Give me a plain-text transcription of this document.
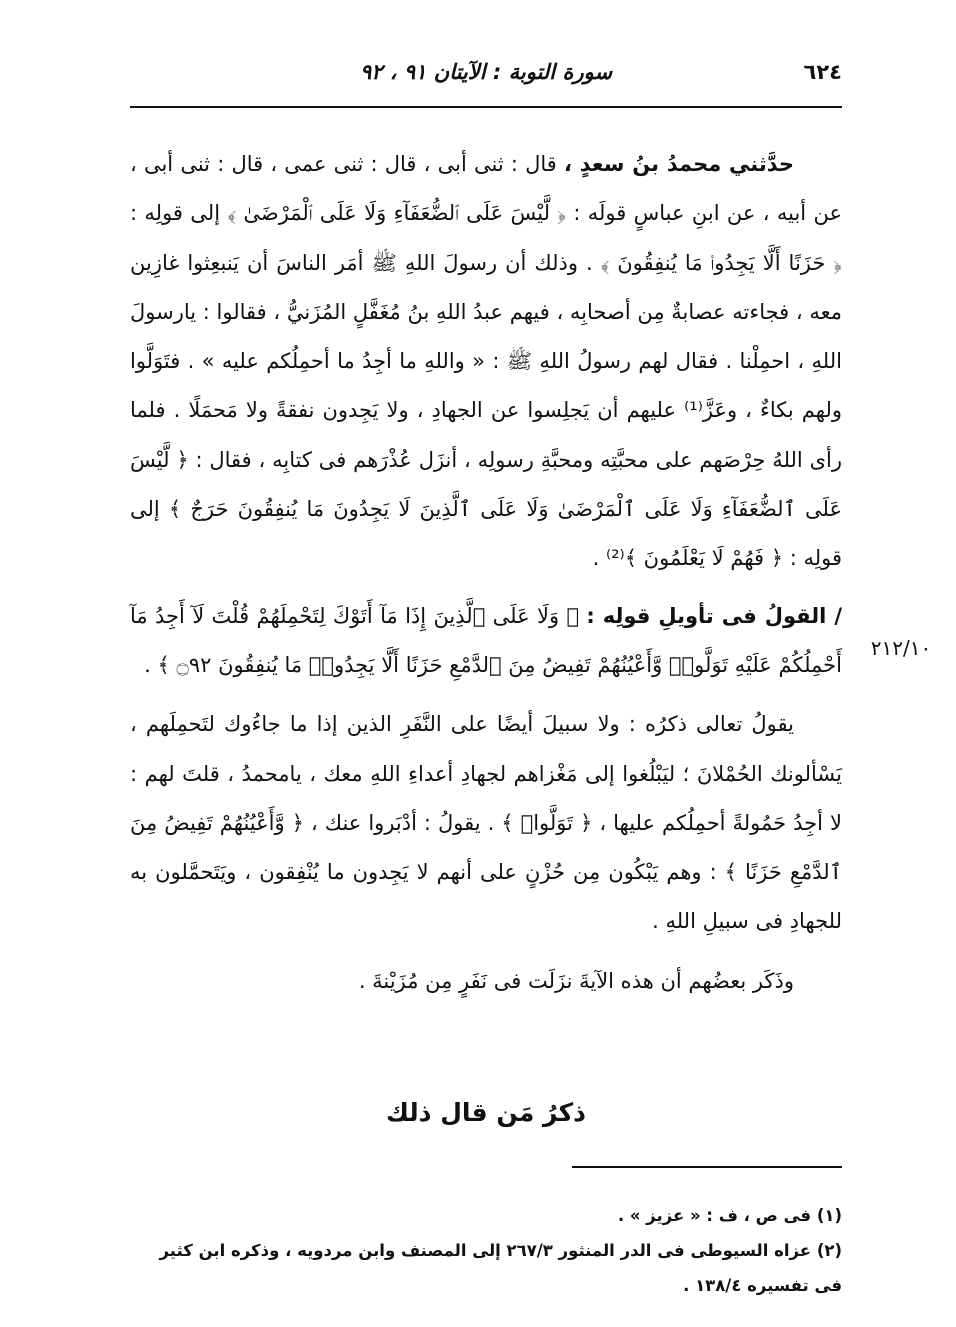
٦٢٤
سورة التوبة : الآيتان ٩١ ، ٩٢
٢١٢/١٠

حدَّثني محمدُ بنُ سعدٍ ، قال : ثنى أبى ، قال : ثنى عمى ، قال : ثنى أبى ، عن أبيه ، عن ابنِ عباسٍ قولَه : ﴿ لَّيْسَ عَلَى ٱلضُّعَفَآءِ وَلَا عَلَى ٱلْمَرْضَىٰ ﴾ إلى قولِه : ﴿ حَزَنًا أَلَّا يَجِدُوا۟ مَا يُنفِقُونَ ﴾ . وذلك أن رسولَ اللهِ ﷺ أمَر الناسَ أن يَنبعِثوا غازِين معه ، فجاءته عصابةٌ مِن أصحابِه ، فيهم عبدُ اللهِ بنُ مُغَفَّلٍ المُزَنيُّ ، فقالوا : يارسولَ اللهِ ، احمِلْنا . فقال لهم رسولُ اللهِ ﷺ : « واللهِ ما أجِدُ ما أحمِلُكم عليه » . فتَوَلَّوا ولهم بكاءٌ ، وعَزَّ⁽¹⁾ عليهم أن يَجلِسوا عن الجهادِ ، ولا يَجِدون نفقةً ولا مَحمَلًا . فلما رأى اللهُ حِرْصَهم على محبَّتِه ومحبَّةِ رسولِه ، أنزَل عُذْرَهم فى كتابِه ، فقال : ﴿ لَّيْسَ عَلَى ٱلضُّعَفَآءِ وَلَا عَلَى ٱلْمَرْضَىٰ وَلَا عَلَى ٱلَّذِينَ لَا يَجِدُونَ مَا يُنفِقُونَ حَرَجٌ ﴾ إلى قولِه : ﴿ فَهُمْ لَا يَعْلَمُونَ ﴾⁽²⁾ .

/ القولُ فى تأويلِ قولِه : ﴿ وَلَا عَلَى ٱلَّذِينَ إِذَا مَآ أَتَوْكَ لِتَحْمِلَهُمْ قُلْتَ لَآ أَجِدُ مَآ أَحْمِلُكُمْ عَلَيْهِ تَوَلَّوا۟ وَّأَعْيُنُهُمْ تَفِيضُ مِنَ ٱلدَّمْعِ حَزَنًا أَلَّا يَجِدُوا۟ مَا يُنفِقُونَ ۝٩٢ ﴾ .

يقولُ تعالى ذكرُه : ولا سبيلَ أيضًا على النَّفَرِ الذين إذا ما جاءُوك لتَحمِلَهم ، يَسْألونك الحُمْلانَ ؛ ليَبْلُغوا إلى مَغْزاهم لجهادِ أعداءِ اللهِ معك ، يامحمدُ ، قلتَ لهم : لا أجِدُ حَمُولةً أحمِلُكم عليها ، ﴿ تَوَلَّوا۟ ﴾ . يقولُ : أدْبَروا عنك ، ﴿ وَّأَعْيُنُهُمْ تَفِيضُ مِنَ ٱلدَّمْعِ حَزَنًا ﴾ : وهم يَبْكُون مِن حُزْنٍ على أنهم لا يَجِدون ما يُنْفِقون ، ويَتَحمَّلون به للجهادِ فى سبيلِ اللهِ .

وذَكَر بعضُهم أن هذه الآيةَ نزَلَت فى نَفَرٍ مِن مُزَيْنةَ .

ذكرُ مَن قال ذلك

(١) فى ص ، ف : « عزيز » .

(٢) عزاه السيوطى فى الدر المنثور ٢٦٧/٣ إلى المصنف وابن مردويه ، وذكره ابن كثير فى تفسيره ١٣٨/٤ .
